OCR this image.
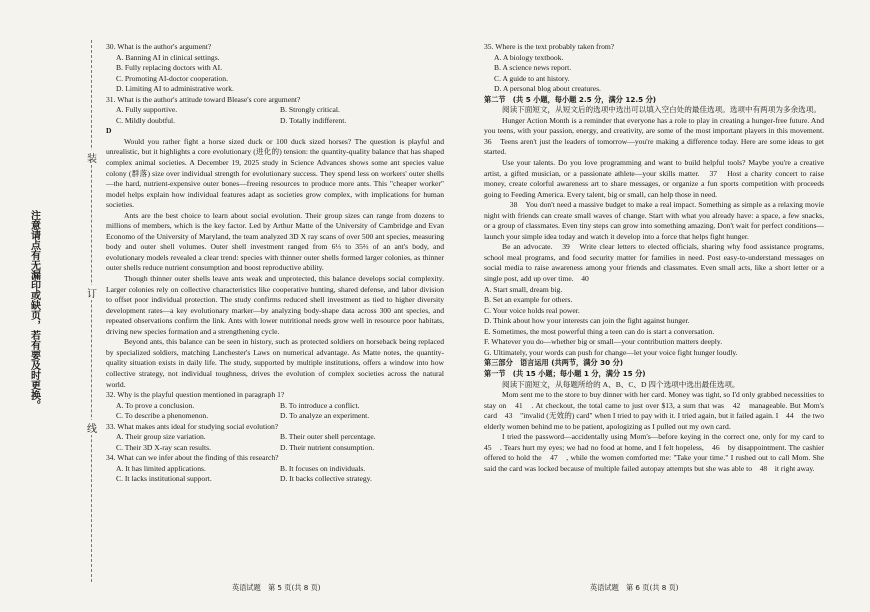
注意请点有无漏印或缺页，若有要及时更换。
装
订
线

30. What is the author's argument?

A. Banning AI in clinical settings.

B. Fully replacing doctors with AI.

C. Promoting AI-doctor cooperation.

D. Limiting AI to administrative work.

31. What is the author's attitude toward Blease's core argument?

A. Fully supportive.	B. Strongly critical.
C. Mildly doubtful.	D. Totally indifferent.

D

Would you rather fight a horse sized duck or 100 duck sized horses? The question is playful and unrealistic, but it highlights a core evolutionary (进化的) tension: the quantity-quality balance that has shaped complex animal societies. A December 19, 2025 study in Science Advances shows some ant species value colony (群落) size over individual strength for evolutionary success. They spend less on workers' outer shells—the hard, nutrient-expensive outer bones—freeing resources to produce more ants. This "cheaper worker" model helps explain how individual features adapt as societies grow complex, with implications for human societies.

Ants are the best choice to learn about social evolution. Their group sizes can range from dozens to millions of members, which is the key factor. Led by Arthur Matte of the University of Cambridge and Evan Economo of the University of Maryland, the team analyzed 3D X ray scans of over 500 ant species, measuring body and outer shell volumes. Outer shell investment ranged from 6⅓ to 35⅔ of an ant's body, and evolutionary models revealed a clear trend: species with thinner outer shells formed larger colonies, as thinner outer shells reduce nutrient consumption and boost reproductive ability.

Though thinner outer shells leave ants weak and unprotected, this balance develops social complexity. Larger colonies rely on collective characteristics like cooperative hunting, shared defense, and labor division to offset poor individual protection. The study confirms reduced shell investment as tied to higher diversity development rates—a key evolutionary marker—by analyzing body-shape data across 300 ant species, and repeated observations confirm the link. Ants with lower nutritional needs grow well in resource poor habitats, driving new species formation and a strengthening cycle.

Beyond ants, this balance can be seen in history, such as protected soldiers on horseback being replaced by specialized soldiers, matching Lanchester's Laws on numerical advantage. As Matte notes, the quantity-quality situation exists in daily life. The study, supported by multiple institutions, offers a window into how collective strategy, not individual toughness, drives the evolution of complex societies across the natural world.

32. Why is the playful question mentioned in paragraph 1?

A. To prove a conclusion.	B. To introduce a conflict.
C. To describe a phenomenon.	D. To analyze an experiment.

33. What makes ants ideal for studying social evolution?

A. Their group size variation.	B. Their outer shell percentage.
C. Their 3D X-ray scan results.	D. Their nutrient consumption.

34. What can we infer about the finding of this research?

A. It has limited applications.	B. It focuses on individuals.
C. It lacks institutional support.	D. It backs collective strategy.

35. Where is the text probably taken from?

A. A biology textbook.

B. A science news report.

C. A guide to ant history.

D. A personal blog about creatures.

第二节　(共 5 小题，每小题 2.5 分，满分 12.5 分)

阅读下面短文，从短文后的选项中选出可以填入空白处的最佳选项。选项中有两项为多余选项。

Hunger Action Month is a reminder that everyone has a role to play in creating a hunger-free future. And you teens, with your passion, energy, and creativity, are some of the most important players in this movement.　36　Teens aren't just the leaders of tomorrow—you're making a difference today. Here are some ideas to get started.

Use your talents. Do you love programming and want to build helpful tools? Maybe you're a creative artist, a gifted musician, or a passionate athlete—your skills matter.　37　Host a charity concert to raise money, create colorful awareness art to share messages, or organize a fun sports competition with proceeds going to Feeding America. Every talent, big or small, can help those in need.

　38　You don't need a massive budget to make a real impact. Something as simple as a relaxing movie night with friends can create small waves of change. Start with what you already have: a space, a few snacks, or a group of classmates. Even tiny steps can grow into something amazing. Don't wait for perfect conditions—launch your simple idea today and watch it develop into a force that helps fight hunger.

Be an advocate.　39　Write clear letters to elected officials, sharing why food assistance programs, school meal programs, and food security matter for families in need. Post easy-to-understand messages on social media to raise awareness among your friends and classmates. Even small acts, like a short letter or a single post, add up over time.　40

A. Start small, dream big.

B. Set an example for others.

C. Your voice holds real power.

D. Think about how your interests can join the fight against hunger.

E. Sometimes, the most powerful thing a teen can do is start a conversation.

F. Whatever you do—whether big or small—your contribution matters deeply.

G. Ultimately, your words can push for change—let your voice fight hunger loudly.

第三部分　语言运用 (共两节，满分 30 分)

第一节　(共 15 小题；每小题 1 分，满分 15 分)

阅读下面短文，从每题所给的 A、B、C、D 四个选项中选出最佳选项。

Mom sent me to the store to buy dinner with her card. Money was tight, so I'd only grabbed necessities to stay on　41　. At checkout, the total came to just over $13, a sum that was　42　manageable. But Mom's card　43　"invalid (无效的) card" when I tried to pay with it. I tried again, but it failed again. I　44　the two elderly women behind me to be patient, apologizing as I pulled out my own card.

I tried the password—accidentally using Mom's—before keying in the correct one, only for my card to　45　. Tears hurt my eyes; we had no food at home, and I felt hopeless,　46　by disappointment. The cashier offered to hold the　47　, while the women comforted me: "Take your time." I rushed out to call Mom. She said the card was locked because of multiple failed autopay attempts but she was able to　48　it right away.

英语试题　第 5 页(共 8 页)	英语试题　第 6 页(共 8 页)
